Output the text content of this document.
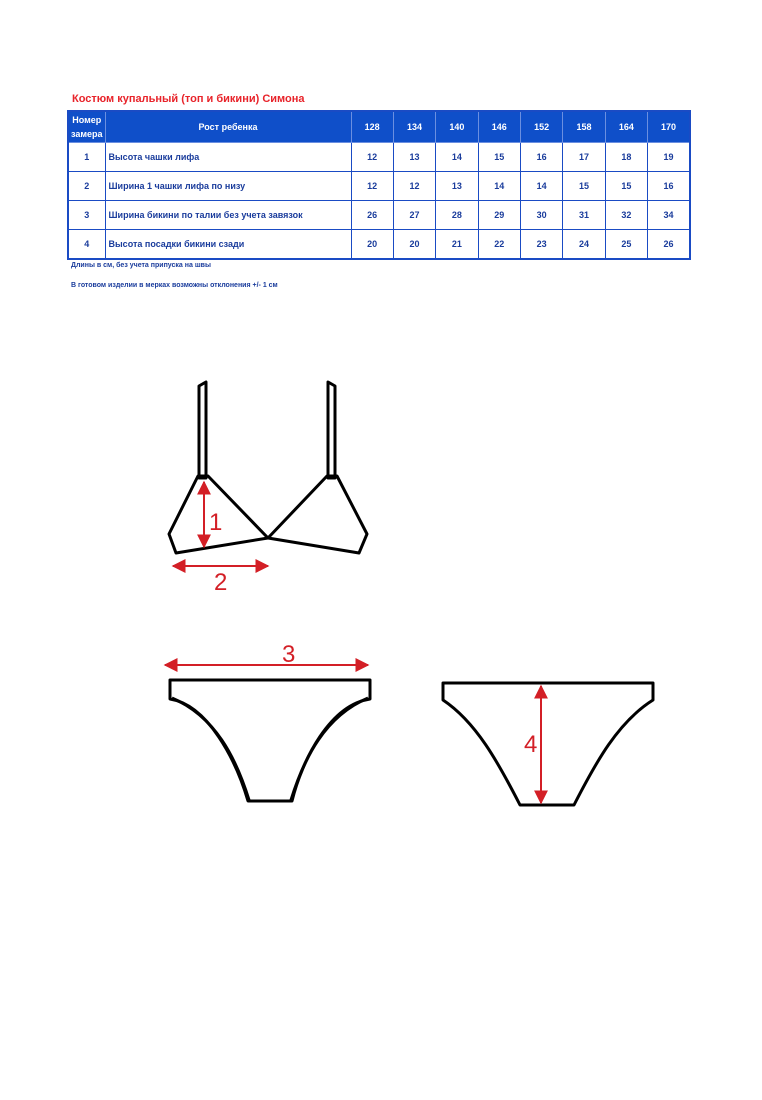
Костюм купальный (топ и бикини) Симона
Номер замера	Рост ребенка	128	134	140	146	152	158	164	170
1	Высота чашки лифа	12	13	14	15	16	17	18	19
2	Ширина 1 чашки лифа по низу	12	12	13	14	14	15	15	16
3	Ширина бикини по талии без учета завязок	26	27	28	29	30	31	32	34
4	Высота посадки бикини сзади	20	20	21	22	23	24	25	26
Длины в см, без учета припуска на швы
В готовом изделии в мерках возможны отклонения +/- 1 см
1
2
3
4
